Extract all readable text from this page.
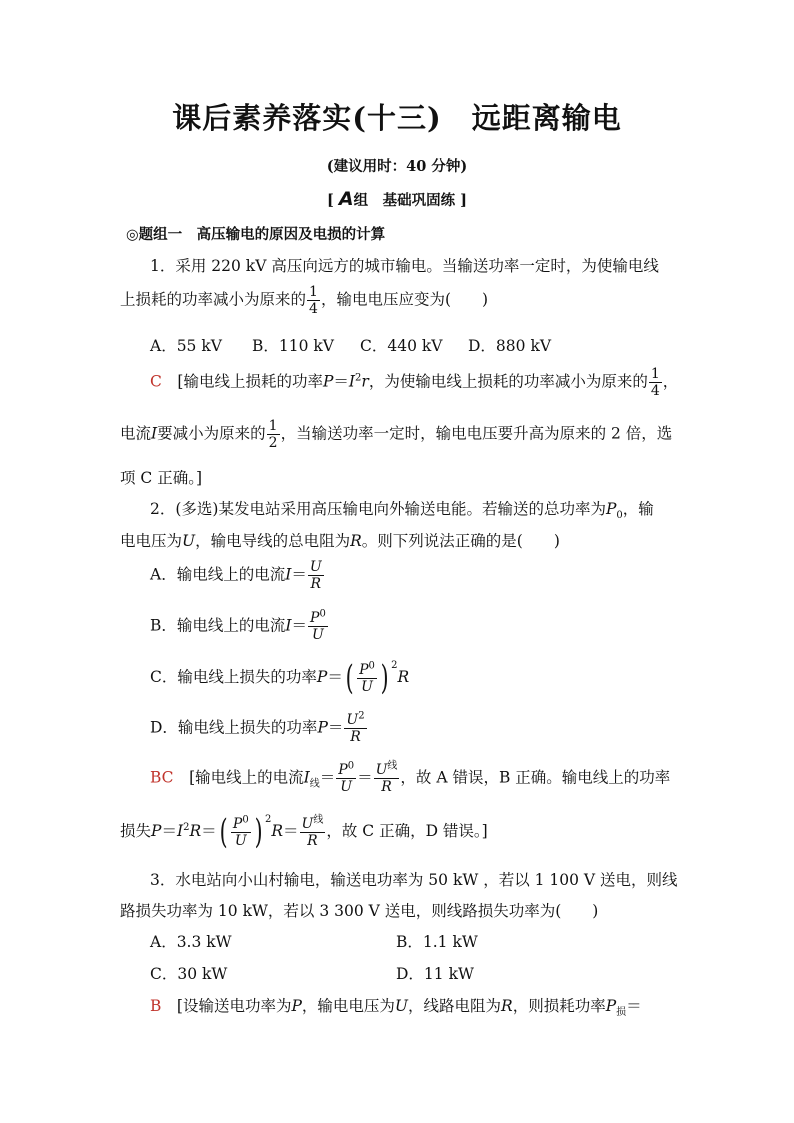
课后素养落实(十三) 远距离输电
(建议用时：40 分钟)
[ A组　基础巩固练 ]
◎题组一　高压输电的原因及电损的计算
1．采用 220 kV 高压向远方的城市输电。当输送功率一定时，为使输电线
上损耗的功率减小为原来的 $\frac{1}{4}$ ，输电电压应变为(　　)
A．55 kV B．110 kV C．440 kV D．880 kV
C　 [输电线上损耗的功率$P=I^2r$，为使输电线上损耗的功率减小为原来的 $\frac{1}{4}$ ，
电流I要减小为原来的 $\frac{1}{2}$ ，当输送功率一定时，输电电压要升高为原来的 2 倍，选
项 C 正确。]
2．(多选)某发电站采用高压输电向外输送电能。若输送的总功率为$P_0$，输
电电压为U，输电导线的总电阻为R。则下列说法正确的是(　　)
A．输电线上的电流$I= \frac{U}{R}$
B．输电线上的电流$I= \frac{P^0}{U}$
C．输电线上损失的功率$P=( \frac{P^0}{U}$ ) $^2$R
D．输电线上损失的功率$P= \frac{U^2}{R}$
BC　 [输电线上的电流$I_线= \frac{P^0}{U} = \frac{U^线}{R}$ ，故 A 错误，B 正确。输电线上的功率
损失$P=I^2R=( \frac{P^0}{U}$ ) $^2R= \frac{U^线}{R}$ ，故 C 正确，D 错误。]
3．水电站向小山村输电，输送电功率为 50 kW ，若以 1 100 V 送电，则线
路损失功率为 10 kW，若以 3 300 V 送电，则线路损失功率为(　　)
A．3.3 kW	B．1.1 kW
C．30 kW	D．11 kW
B　 [设输送电功率为P，输电电压为U，线路电阻为R，则损耗功率$P_损=$
